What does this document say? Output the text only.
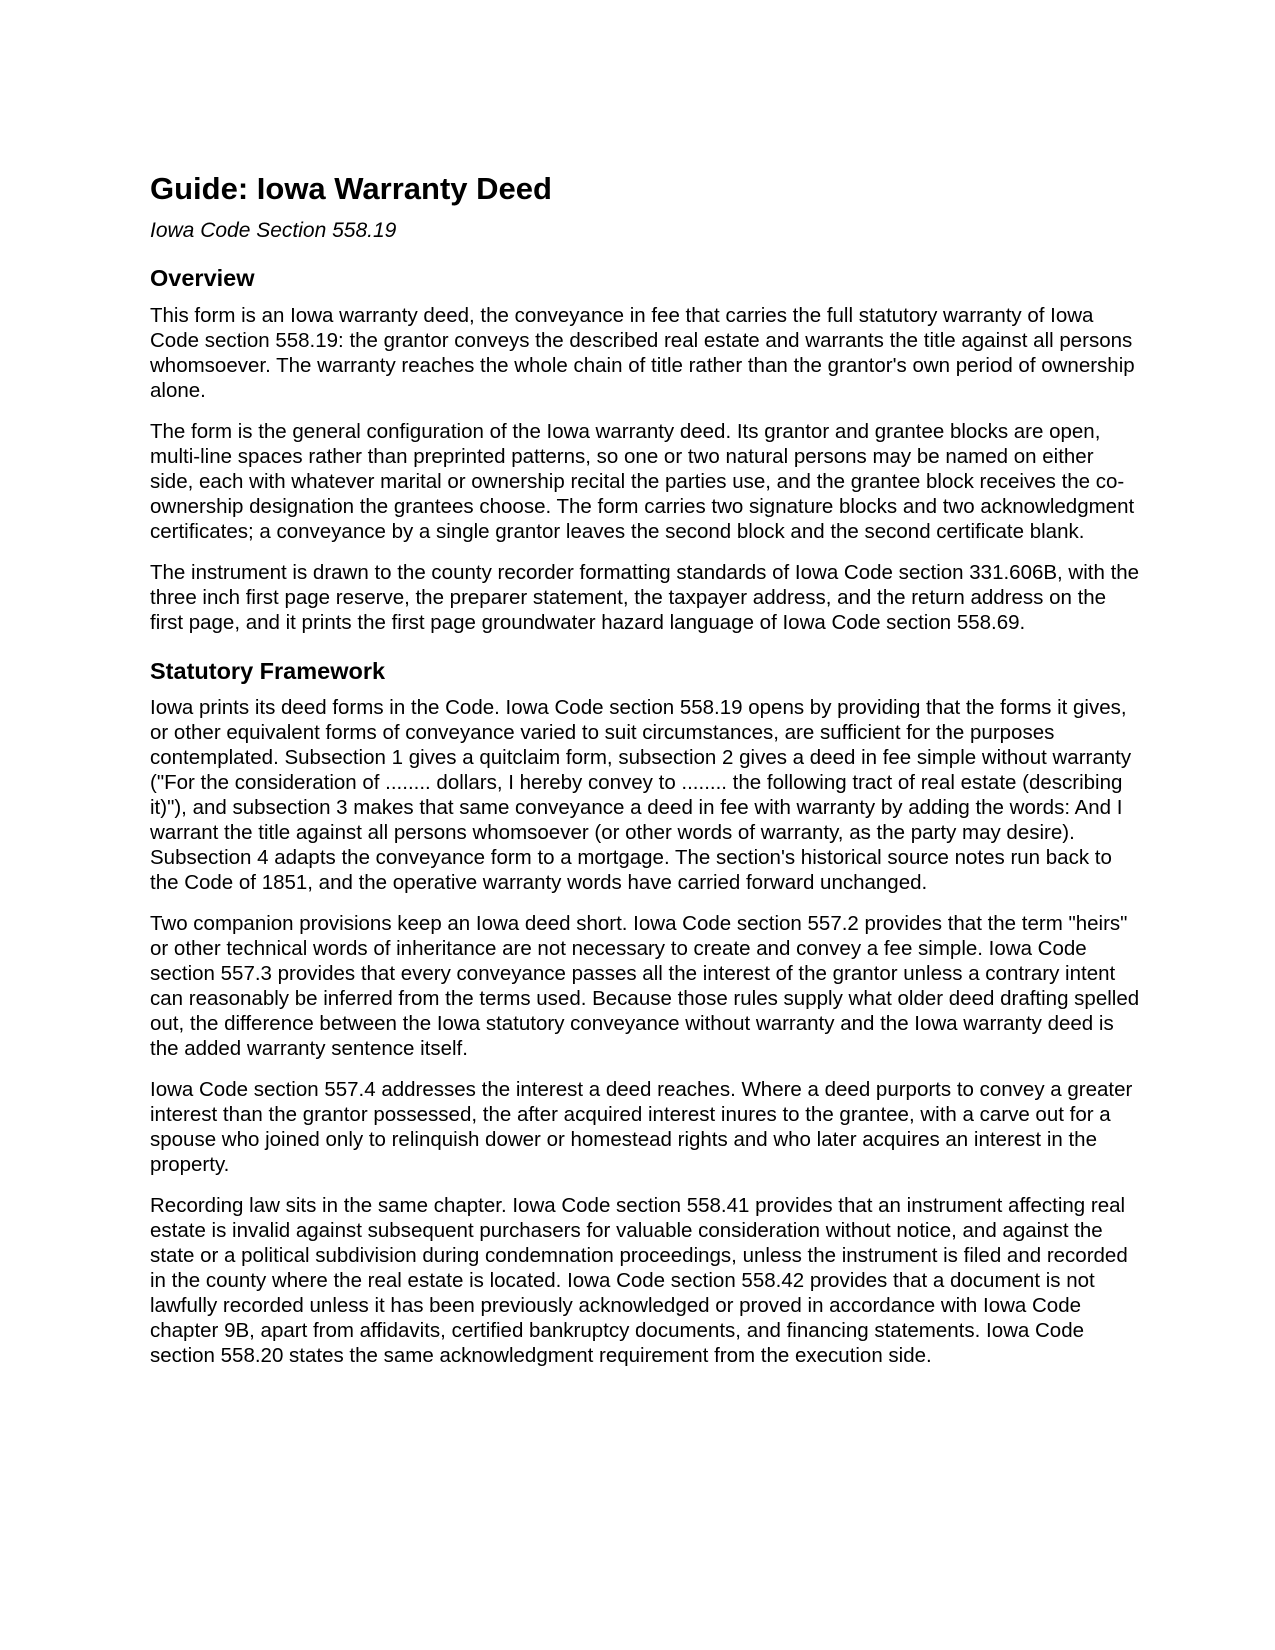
Guide: Iowa Warranty Deed
Iowa Code Section 558.19
Overview

This form is an Iowa warranty deed, the conveyance in fee that carries the full statutory warranty of Iowa Code section 558.19: the grantor conveys the described real estate and warrants the title against all persons whomsoever. The warranty reaches the whole chain of title rather than the grantor's own period of ownership alone.

The form is the general configuration of the Iowa warranty deed. Its grantor and grantee blocks are open, multi-line spaces rather than preprinted patterns, so one or two natural persons may be named on either side, each with whatever marital or ownership recital the parties use, and the grantee block receives the co-ownership designation the grantees choose. The form carries two signature blocks and two acknowledgment certificates; a conveyance by a single grantor leaves the second block and the second certificate blank.

The instrument is drawn to the county recorder formatting standards of Iowa Code section 331.606B, with the three inch first page reserve, the preparer statement, the taxpayer address, and the return address on the first page, and it prints the first page groundwater hazard language of Iowa Code section 558.69.

Statutory Framework

Iowa prints its deed forms in the Code. Iowa Code section 558.19 opens by providing that the forms it gives, or other equivalent forms of conveyance varied to suit circumstances, are sufficient for the purposes contemplated. Subsection 1 gives a quitclaim form, subsection 2 gives a deed in fee simple without warranty ("For the consideration of ........ dollars, I hereby convey to ........ the following tract of real estate (describing it)"), and subsection 3 makes that same conveyance a deed in fee with warranty by adding the words: And I warrant the title against all persons whomsoever (or other words of warranty, as the party may desire). Subsection 4 adapts the conveyance form to a mortgage. The section's historical source notes run back to the Code of 1851, and the operative warranty words have carried forward unchanged.

Two companion provisions keep an Iowa deed short. Iowa Code section 557.2 provides that the term "heirs" or other technical words of inheritance are not necessary to create and convey a fee simple. Iowa Code section 557.3 provides that every conveyance passes all the interest of the grantor unless a contrary intent can reasonably be inferred from the terms used. Because those rules supply what older deed drafting spelled out, the difference between the Iowa statutory conveyance without warranty and the Iowa warranty deed is the added warranty sentence itself.

Iowa Code section 557.4 addresses the interest a deed reaches. Where a deed purports to convey a greater interest than the grantor possessed, the after acquired interest inures to the grantee, with a carve out for a spouse who joined only to relinquish dower or homestead rights and who later acquires an interest in the property.

Recording law sits in the same chapter. Iowa Code section 558.41 provides that an instrument affecting real estate is invalid against subsequent purchasers for valuable consideration without notice, and against the state or a political subdivision during condemnation proceedings, unless the instrument is filed and recorded in the county where the real estate is located. Iowa Code section 558.42 provides that a document is not lawfully recorded unless it has been previously acknowledged or proved in accordance with Iowa Code chapter 9B, apart from affidavits, certified bankruptcy documents, and financing statements. Iowa Code section 558.20 states the same acknowledgment requirement from the execution side.
